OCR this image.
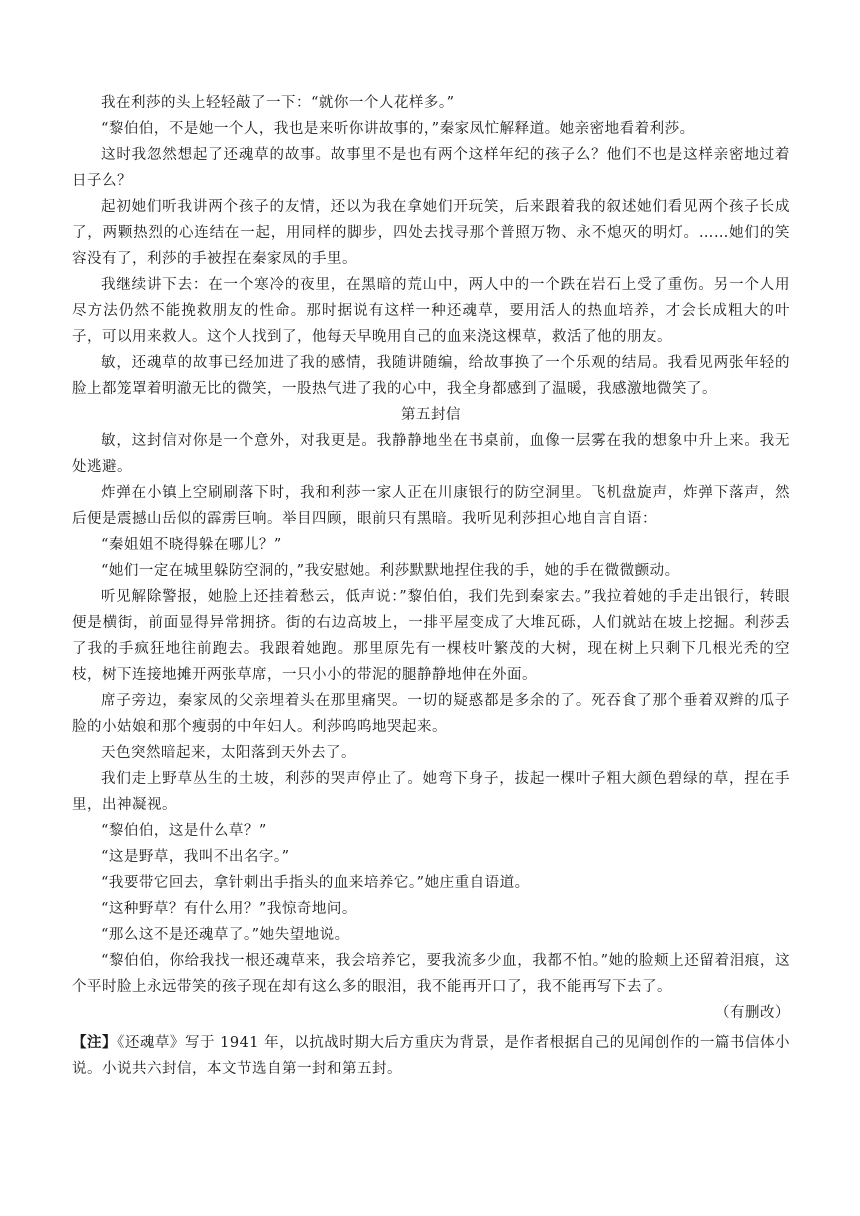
我在利莎的头上轻轻敲了一下：“就你一个人花样多。”

“黎伯伯，不是她一个人，我也是来听你讲故事的，”秦家凤忙解释道。她亲密地看着利莎。

这时我忽然想起了还魂草的故事。故事里不是也有两个这样年纪的孩子么？他们不也是这样亲密地过着日子么？

起初她们听我讲两个孩子的友情，还以为我在拿她们开玩笑，后来跟着我的叙述她们看见两个孩子长成了，两颗热烈的心连结在一起，用同样的脚步，四处去找寻那个普照万物、永不熄灭的明灯。……她们的笑容没有了，利莎的手被捏在秦家凤的手里。

我继续讲下去：在一个寒冷的夜里，在黑暗的荒山中，两人中的一个跌在岩石上受了重伤。另一个人用尽方法仍然不能挽救朋友的性命。那时据说有这样一种还魂草，要用活人的热血培养，才会长成粗大的叶子，可以用来救人。这个人找到了，他每天早晚用自己的血来浇这棵草，救活了他的朋友。

敏，还魂草的故事已经加进了我的感情，我随讲随编，给故事换了一个乐观的结局。我看见两张年轻的脸上都笼罩着明澈无比的微笑，一股热气进了我的心中，我全身都感到了温暖，我感激地微笑了。

第五封信

敏，这封信对你是一个意外，对我更是。我静静地坐在书桌前，血像一层雾在我的想象中升上来。我无处逃避。

炸弹在小镇上空刷刷落下时，我和利莎一家人正在川康银行的防空洞里。飞机盘旋声，炸弹下落声，然后便是震撼山岳似的霹雳巨响。举目四顾，眼前只有黑暗。我听见利莎担心地自言自语：

“秦姐姐不晓得躲在哪儿？”

“她们一定在城里躲防空洞的，”我安慰她。利莎默默地捏住我的手，她的手在微微颤动。

听见解除警报，她脸上还挂着愁云，低声说：”黎伯伯，我们先到秦家去。”我拉着她的手走出银行，转眼便是横街，前面显得异常拥挤。街的右边高坡上，一排平屋变成了大堆瓦砾，人们就站在坡上挖掘。利莎丢了我的手疯狂地往前跑去。我跟着她跑。那里原先有一棵枝叶繁茂的大树，现在树上只剩下几根光秃的空枝，树下连接地摊开两张草席，一只小小的带泥的腿静静地伸在外面。

席子旁边，秦家凤的父亲埋着头在那里痛哭。一切的疑惑都是多余的了。死吞食了那个垂着双辫的瓜子脸的小姑娘和那个瘦弱的中年妇人。利莎呜呜地哭起来。

天色突然暗起来，太阳落到天外去了。

我们走上野草丛生的土坡，利莎的哭声停止了。她弯下身子，拔起一棵叶子粗大颜色碧绿的草，捏在手里，出神凝视。

“黎伯伯，这是什么草？”

“这是野草，我叫不出名字。”

“我要带它回去，拿针刺出手指头的血来培养它。”她庄重自语道。

“这种野草？有什么用？”我惊奇地问。

“那么这不是还魂草了。”她失望地说。

“黎伯伯，你给我找一根还魂草来，我会培养它，要我流多少血，我都不怕。”她的脸颊上还留着泪痕，这个平时脸上永远带笑的孩子现在却有这么多的眼泪，我不能再开口了，我不能再写下去了。

（有删改）

【注】《还魂草》写于 1941 年，以抗战时期大后方重庆为背景，是作者根据自己的见闻创作的一篇书信体小说。小说共六封信，本文节选自第一封和第五封。
